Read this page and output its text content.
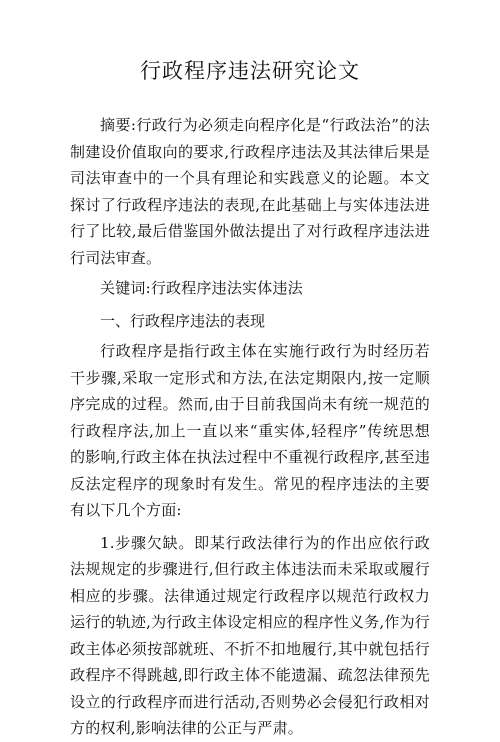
行政程序违法研究论文

摘要:行政行为必须走向程序化是“行政法治”的法制建设价值取向的要求,行政程序违法及其法律后果是司法审查中的一个具有理论和实践意义的论题。本文探讨了行政程序违法的表现,在此基础上与实体违法进行了比较,最后借鉴国外做法提出了对行政程序违法进行司法审查。

关键词:行政程序违法实体违法

一、行政程序违法的表现

行政程序是指行政主体在实施行政行为时经历若干步骤,采取一定形式和方法,在法定期限内,按一定顺序完成的过程。然而,由于目前我国尚未有统一规范的行政程序法,加上一直以来“重实体,轻程序”传统思想的影响,行政主体在执法过程中不重视行政程序,甚至违反法定程序的现象时有发生。常见的程序违法的主要有以下几个方面:

1.步骤欠缺。即某行政法律行为的作出应依行政法规规定的步骤进行,但行政主体违法而未采取或履行相应的步骤。法律通过规定行政程序以规范行政权力运行的轨迹,为行政主体设定相应的程序性义务,作为行政主体必须按部就班、不折不扣地履行,其中就包括行政程序不得跳越,即行政主体不能遗漏、疏忽法律预先设立的行政程序而进行活动,否则势必会侵犯行政相对方的权利,影响法律的公正与严肃。
